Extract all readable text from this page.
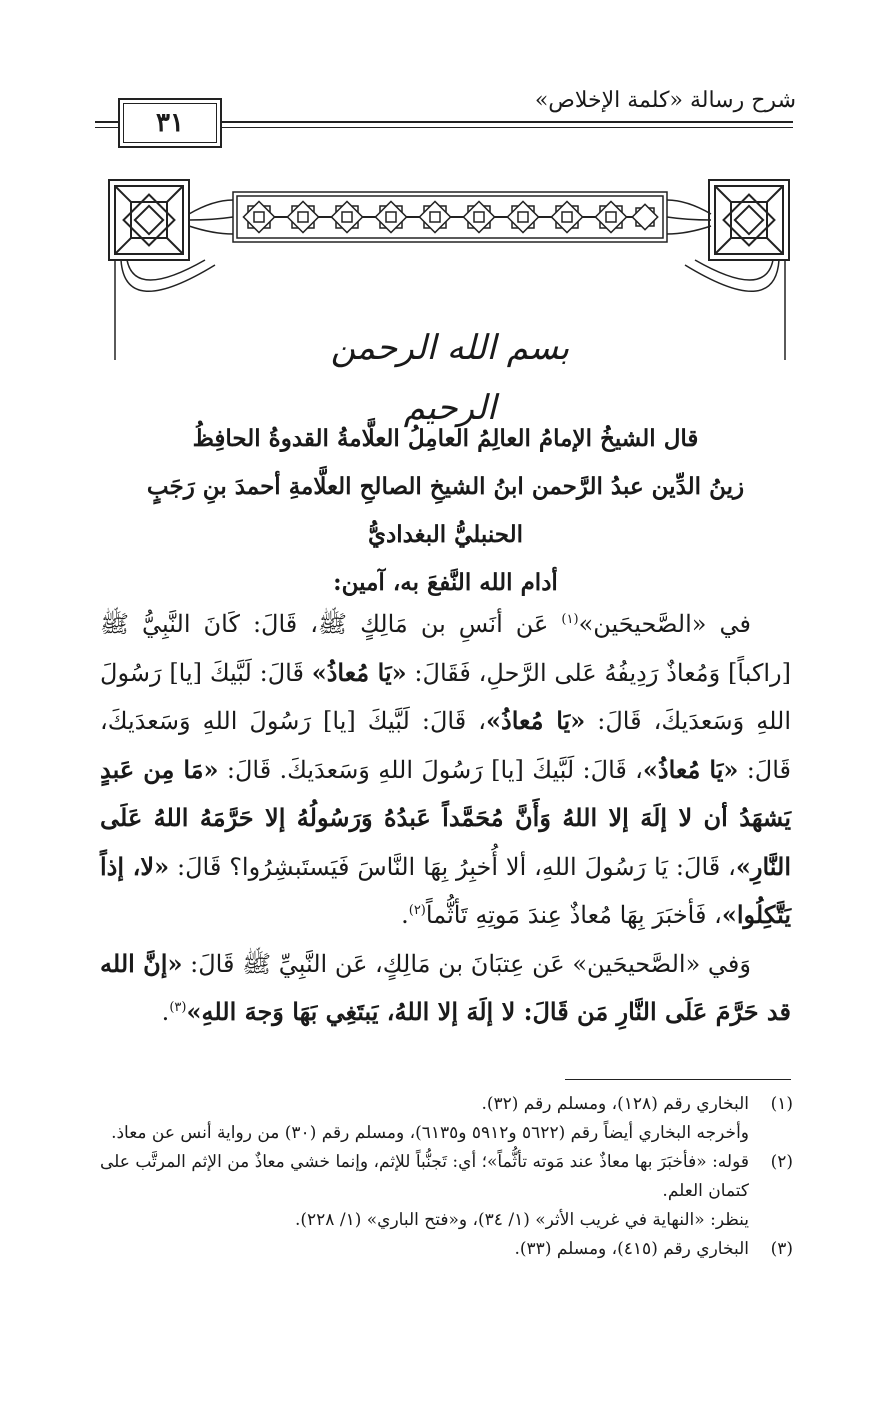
شرح رسالة «كلمة الإخلاص»
٣١
بسم الله الرحمن الرحيم
قال الشيخُ الإمامُ العالِمُ العامِلُ العلَّامةُ القدوةُ الحافِظُ
زينُ الدِّين عبدُ الرَّحمن ابنُ الشيخِ الصالحِ العلَّامةِ أحمدَ بنِ رَجَبٍ
الحنبليُّ البغداديُّ
أدام الله النَّفعَ به، آمين:

في «الصَّحيحَين»$^{(١)}$ عَن أنَسِ بن مَالِكٍ ﷺ، قَالَ: كَانَ النَّبِيُّ ﷺ [راكباً] وَمُعاذٌ رَدِيفُهُ عَلى الرَّحلِ، فَقَالَ: «يَا مُعاذُ» قَالَ: لَبَّيكَ [يا] رَسُولَ اللهِ وَسَعدَيكَ، قَالَ: «يَا مُعاذُ»، قَالَ: لَبَّيكَ [يا] رَسُولَ اللهِ وَسَعدَيكَ، قَالَ: «يَا مُعاذُ»، قَالَ: لَبَّيكَ [يا] رَسُولَ اللهِ وَسَعدَيكَ. قَالَ: «مَا مِن عَبدٍ يَشهَدُ أن لا إلَهَ إلا اللهُ وَأَنَّ مُحَمَّداً عَبدُهُ وَرَسُولُهُ إلا حَرَّمَهُ اللهُ عَلَى النَّارِ»، قَالَ: يَا رَسُولَ اللهِ، ألا أُخبِرُ بِهَا النَّاسَ فَيَستَبشِرُوا؟ قَالَ: «لا، إذاً يَتَّكِلُوا»، فَأخبَرَ بِهَا مُعاذٌ عِندَ مَوتِهِ تَأثُّماً$^{(٢)}$.

وَفي «الصَّحيحَين» عَن عِتبَانَ بن مَالِكٍ، عَن النَّبِيِّ ﷺ قَالَ: «إنَّ الله قد حَرَّمَ عَلَى النَّارِ مَن قَالَ: لا إلَهَ إلا اللهُ، يَبتَغِي بَهَا وَجهَ اللهِ»$^{(٣)}$.

(١)
البخاري رقم (١٢٨)، ومسلم رقم (٣٢).
وأخرجه البخاري أيضاً رقم (٥٦٢٢ و٥٩١٢ و٦١٣٥)، ومسلم رقم (٣٠) من رواية أنس عن معاذ.
(٢)
قوله: «فأخبَرَ بها معاذٌ عند مَوته تأثُّماً»؛ أي: تَجنُّباً للإثم، وإنما خشي معاذٌ من الإثم المرتَّب على كتمان العلم.
ينظر: «النهاية في غريب الأثر» (١/ ٣٤)، و«فتح الباري» (١/ ٢٢٨).
(٣)
البخاري رقم (٤١٥)، ومسلم (٣٣).
